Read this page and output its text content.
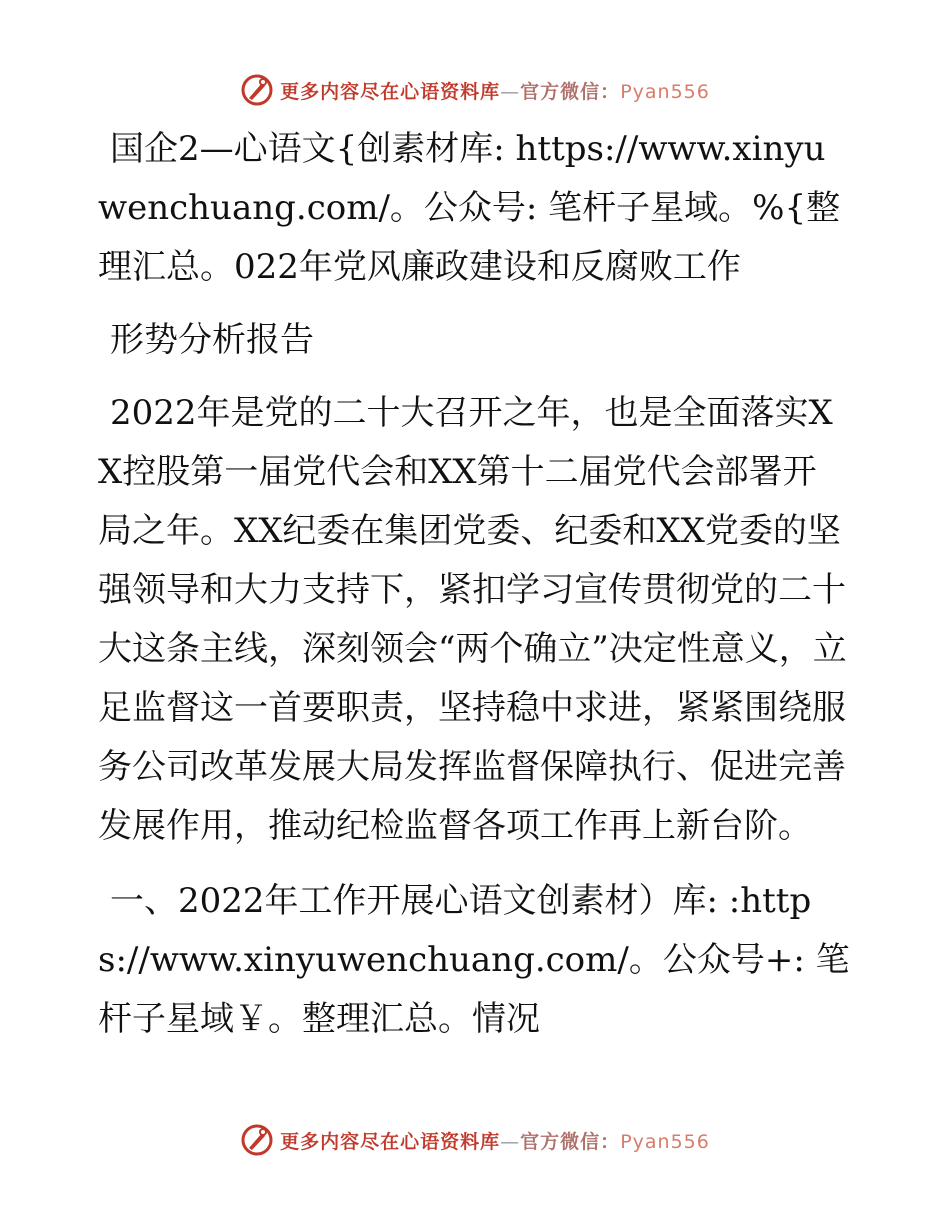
更多内容尽在心语资料库—官方微信：Pyan556

国企2—心语文{创素材库: https://www.xinyuwenchuang.com/。公众号: 笔杆子星域。%{整理汇总。022年党风廉政建设和反腐败工作

形势分析报告

2022年是党的二十大召开之年，也是全面落实XX控股第一届党代会和XX第十二届党代会部署开局之年。XX纪委在集团党委、纪委和XX党委的坚强领导和大力支持下，紧扣学习宣传贯彻党的二十大这条主线，深刻领会“两个确立”决定性意义，立足监督这一首要职责，坚持稳中求进，紧紧围绕服务公司改革发展大局发挥监督保障执行、促进完善发展作用，推动纪检监督各项工作再上新台阶。

一、2022年工作开展心语文创素材）库: :https://www.xinyuwenchuang.com/。公众号+: 笔杆子星域￥。整理汇总。情况

更多内容尽在心语资料库—官方微信：Pyan556
